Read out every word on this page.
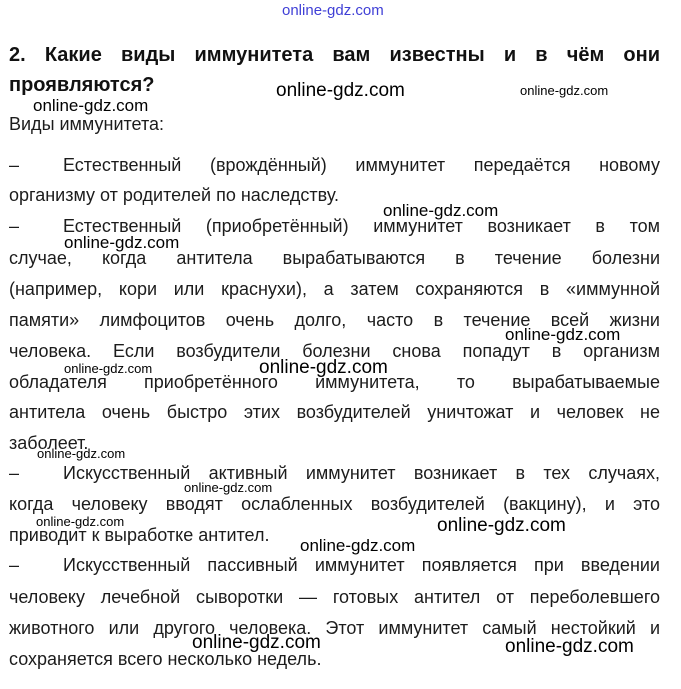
online-gdz.com

2. Какие виды иммунитета вам известны и в чём они

проявляются?

Виды иммунитета:

–	Естественный (врождённый) иммунитет передаётся новому

организму от родителей по наследству.

–	Естественный (приобретённый) иммунитет возникает в том

случае, когда антитела вырабатываются в течение болезни

(например, кори или краснухи), а затем сохраняются в «иммунной

памяти» лимфоцитов очень долго, часто в течение всей жизни

человека. Если возбудители болезни снова попадут в организм

обладателя приобретённого иммунитета, то вырабатываемые

антитела очень быстро этих возбудителей уничтожат и человек не

заболеет.

–	Искусственный активный иммунитет возникает в тех случаях,

когда человеку вводят ослабленных возбудителей (вакцину), и это

приводит к выработке антител.

–	Искусственный пассивный иммунитет появляется при введении

человеку лечебной сыворотки — готовых антител от переболевшего

животного или другого человека. Этот иммунитет самый нестойкий и

сохраняется всего несколько недель.

online-gdz.com	online-gdz.com
online-gdz.com
online-gdz.com
online-gdz.com
online-gdz.com
online-gdz.com
online-gdz.com
online-gdz.com
online-gdz.com
online-gdz.com
online-gdz.com
online-gdz.com
online-gdz.com	online-gdz.com
